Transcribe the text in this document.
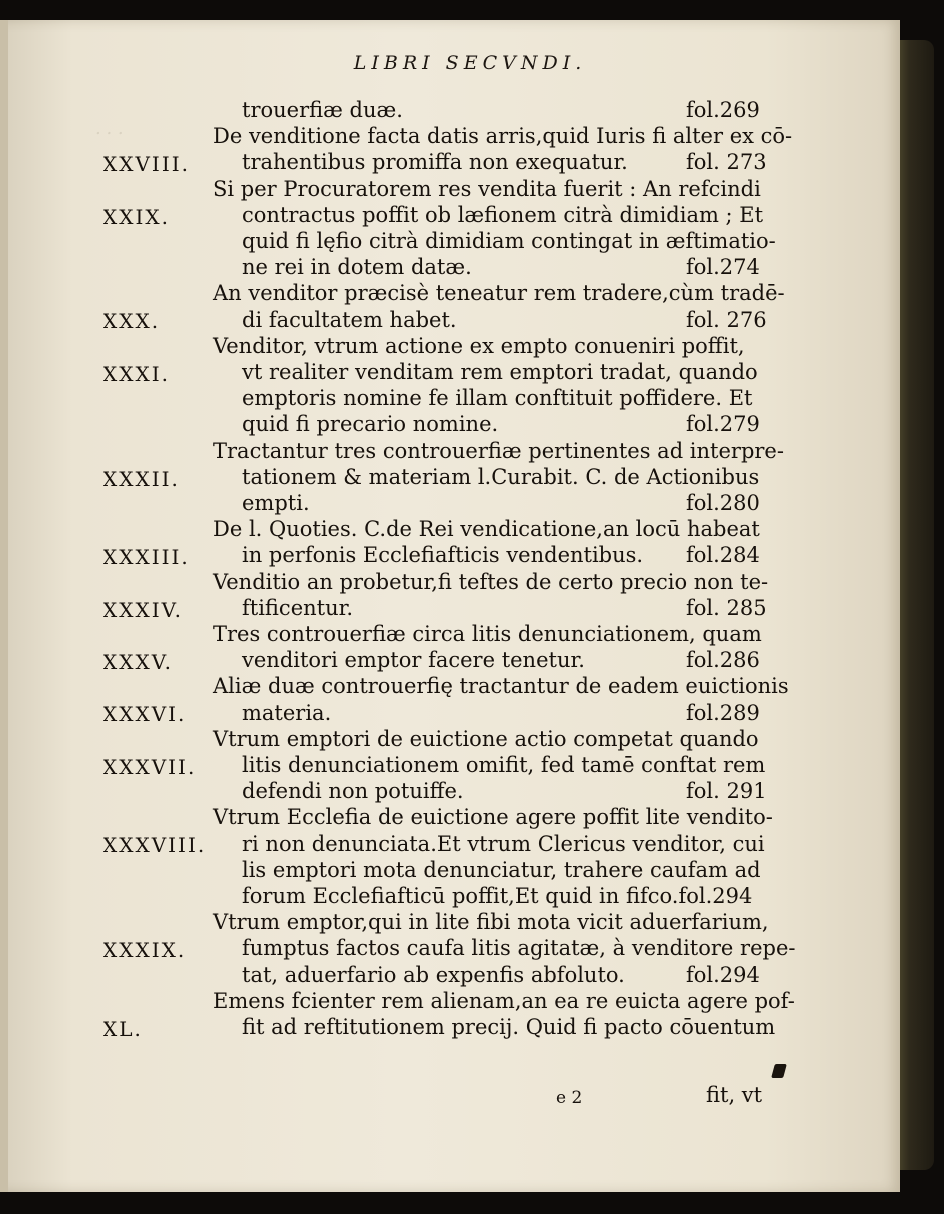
. . .
LIBRI SECVNDI.
trouerfiæ duæ.	fol.269
XXVIII.
De venditione facta datis arris,quid Iuris fi alter ex cō-
trahentibus promiffa non exequatur.	fol. 273
XXIX.
Si per Procuratorem res vendita fuerit : An refcindi
contractus poffit ob læfionem citrà dimidiam ; Et
quid fi lęfio citrà dimidiam contingat in æftimatio-
ne rei in dotem datæ.	fol.274
XXX.
An venditor præcisè teneatur rem tradere,cùm tradē-
di facultatem habet.	fol. 276
XXXI.
Venditor, vtrum actione ex empto conueniri poffit,
vt realiter venditam rem emptori tradat, quando
emptoris nomine fe illam conftituit poffidere. Et
quid fi precario nomine.	fol.279
XXXII.
Tractantur tres controuerfiæ pertinentes ad interpre-
tationem & materiam l.Curabit. C. de Actionibus
empti.	fol.280
XXXIII.
De l. Quoties. C.de Rei vendicatione,an locū habeat
in perfonis Ecclefiafticis vendentibus. fol.284
XXXIV.
Venditio an probetur,fi teftes de certo precio non te-
ftificentur.	fol. 285
XXXV.
Tres controuerfiæ circa litis denunciationem, quam
venditori emptor facere tenetur.	fol.286
XXXVI.
Aliæ duæ controuerfię tractantur de eadem euictionis
materia.	fol.289
XXXVII.
Vtrum emptori de euictione actio competat quando
litis denunciationem omifit, fed tamē conftat rem
defendi non potuiffe.	fol. 291
XXXVIII.
Vtrum Ecclefia de euictione agere poffit lite vendito-
ri non denunciata.Et vtrum Clericus venditor, cui
lis emptori mota denunciatur, trahere caufam ad
forum Ecclefiafticū poffit,Et quid in fifco.fol.294
XXXIX.
Vtrum emptor,qui in lite fibi mota vicit aduerfarium,
fumptus factos caufa litis agitatæ, à venditore repe-
tat, aduerfario ab expenfis abfoluto.	fol.294
XL.
Emens fcienter rem alienam,an ea re euicta agere pof-
fit ad reftitutionem precij. Quid fi pacto cōuentum
e 2	fit, vt
